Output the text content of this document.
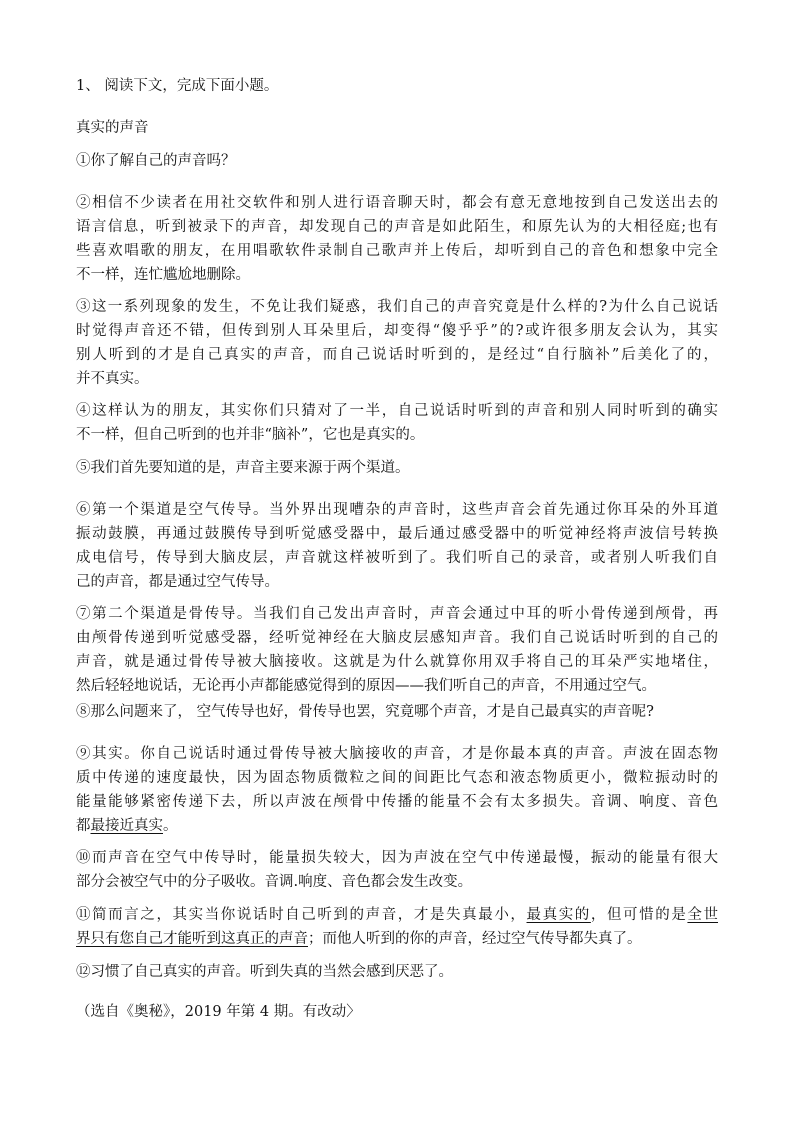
1、 阅读下文，完成下面小题。
真实的声音
①你了解自己的声音吗？
②相信不少读者在用社交软件和别人进行语音聊天时，都会有意无意地按到自己发送出去的
语言信息，听到被录下的声音，却发现自己的声音是如此陌生，和原先认为的大相径庭;也有
些喜欢唱歌的朋友，在用唱歌软件录制自己歌声并上传后，却听到自己的音色和想象中完全
不一样，连忙尴尬地删除。
③这一系列现象的发生，不免让我们疑惑，我们自己的声音究竟是什么样的?为什么自己说话
时觉得声音还不错，但传到别人耳朵里后，却变得“傻乎乎”的?或许很多朋友会认为，其实
别人听到的才是自己真实的声音，而自己说话时听到的，是经过“自行脑补”后美化了的，
并不真实。
④这样认为的朋友，其实你们只猜对了一半，自己说话时听到的声音和别人同时听到的确实
不一样，但自己听到的也并非“脑补”，它也是真实的。
⑤我们首先要知道的是，声音主要来源于两个渠道。
⑥第一个渠道是空气传导。当外界出现嘈杂的声音时，这些声音会首先通过你耳朵的外耳道
振动鼓膜，再通过鼓膜传导到听觉感受器中，最后通过感受器中的听觉神经将声波信号转换
成电信号，传导到大脑皮层，声音就这样被听到了。我们听自己的录音，或者别人听我们自
己的声音，都是通过空气传导。
⑦第二个渠道是骨传导。当我们自己发出声音时，声音会通过中耳的听小骨传递到颅骨，再
由颅骨传递到听觉感受器，经听觉神经在大脑皮层感知声音。我们自己说话时听到的自己的
声音，就是通过骨传导被大脑接收。这就是为什么就算你用双手将自己的耳朵严实地堵住，
然后轻轻地说话，无论再小声都能感觉得到的原因——我们听自己的声音，不用通过空气。
⑧那么问题来了， 空气传导也好，骨传导也罢，究竟哪个声音，才是自己最真实的声音呢?
⑨其实。你自己说话时通过骨传导被大脑接收的声音，才是你最本真的声音。声波在固态物
质中传递的速度最快，因为固态物质微粒之间的间距比气态和液态物质更小，微粒振动时的
能量能够紧密传递下去，所以声波在颅骨中传播的能量不会有太多损失。音调、响度、音色
都最接近真实。
⑩而声音在空气中传导时，能量损失较大，因为声波在空气中传递最慢，振动的能量有很大
部分会被空气中的分子吸收。音调.响度、音色都会发生改变。
⑪简而言之，其实当你说话时自己听到的声音，才是失真最小，最真实的，但可惜的是全世
界只有您自己才能听到这真正的声音；而他人听到的你的声音，经过空气传导都失真了。
⑫习惯了自己真实的声音。听到失真的当然会感到厌恶了。
（选自《奥秘》，2019 年第 4 期。有改动〉
